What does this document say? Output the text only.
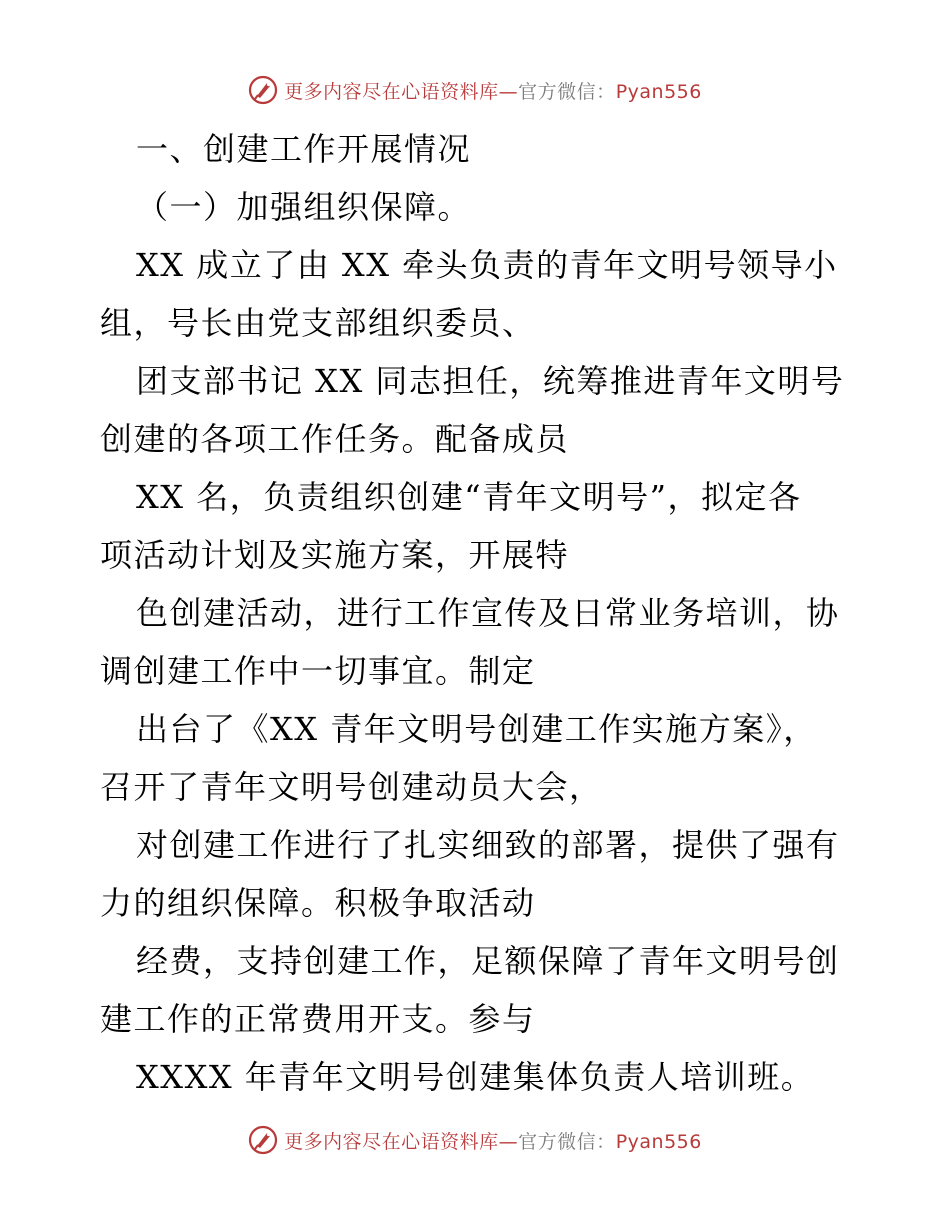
更多内容尽在心语资料库—官方微信：Pyan556
一、创建工作开展情况
（一）加强组织保障。
XX 成立了由 XX 牵头负责的青年文明号领导小
组，号长由党支部组织委员、
团支部书记 XX 同志担任，统筹推进青年文明号
创建的各项工作任务。配备成员
XX 名，负责组织创建“青年文明号”，拟定各
项活动计划及实施方案，开展特
色创建活动，进行工作宣传及日常业务培训，协
调创建工作中一切事宜。制定
出台了《XX 青年文明号创建工作实施方案》，
召开了青年文明号创建动员大会，
对创建工作进行了扎实细致的部署，提供了强有
力的组织保障。积极争取活动
经费，支持创建工作，足额保障了青年文明号创
建工作的正常费用开支。参与
XXXX 年青年文明号创建集体负责人培训班。
更多内容尽在心语资料库—官方微信：Pyan556
